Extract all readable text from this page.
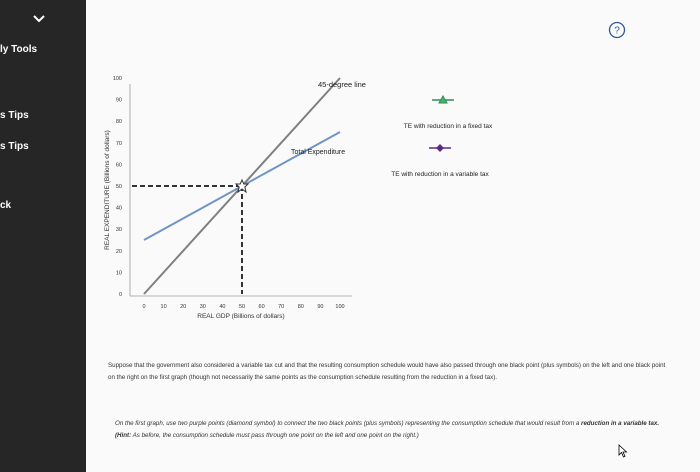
ly Tools
s Tips
s Tips
ck
?
0
10
20
30
40
50
60
70
80
90
100
0	10 20 30 40 50 60 70 80 90 100
45-degree line
Total Expenditure
REAL EXPENDITURE (Billions of dollars)
REAL GDP (Billions of dollars)
TE with reduction in a fixed tax
TE with reduction in a variable tax
Suppose that the government also considered a variable tax cut and that the resulting consumption schedule would have also passed through one black point (plus symbols) on the left and one black point on the right on the first graph (though not necessarily the same points as the consumption schedule resulting from the reduction in a fixed tax).
On the first graph, use two purple points (diamond symbol) to connect the two black points (plus symbols) representing the consumption schedule that would result from a reduction in a variable tax. (Hint: As before, the consumption schedule must pass through one point on the left and one point on the right.)
